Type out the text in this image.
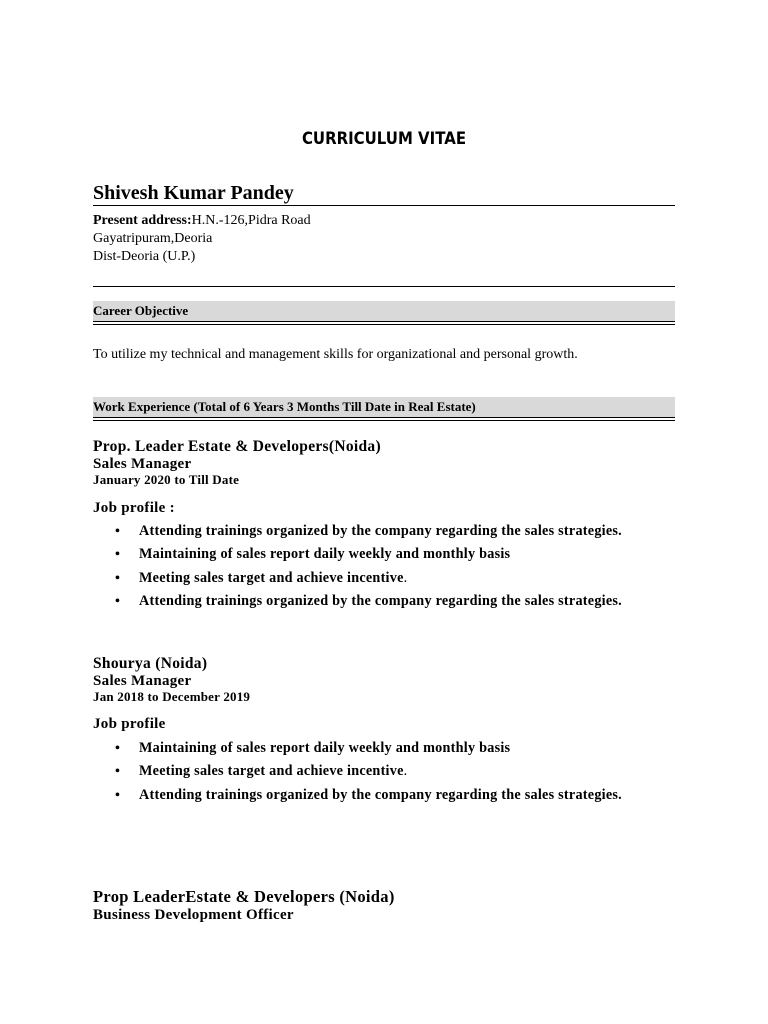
CURRICULUM VITAE
Shivesh Kumar Pandey
Present address:H.N.-126,Pidra Road
Gayatripuram,Deoria
Dist-Deoria (U.P.)
Career Objective
To utilize my technical and management skills for organizational and personal growth.
Work Experience (Total of 6 Years 3 Months Till Date in Real Estate)
Prop. Leader Estate & Developers(Noida)
Sales Manager
January 2020 to Till Date
Job profile :
• Attending trainings organized by the company regarding the sales strategies.
• Maintaining of sales report daily weekly and monthly basis
• Meeting sales target and achieve incentive.
• Attending trainings organized by the company regarding the sales strategies.
Shourya (Noida)
Sales Manager
Jan 2018 to December 2019
Job profile
• Maintaining of sales report daily weekly and monthly basis
• Meeting sales target and achieve incentive.
• Attending trainings organized by the company regarding the sales strategies.
Prop LeaderEstate & Developers (Noida)
Business Development Officer
